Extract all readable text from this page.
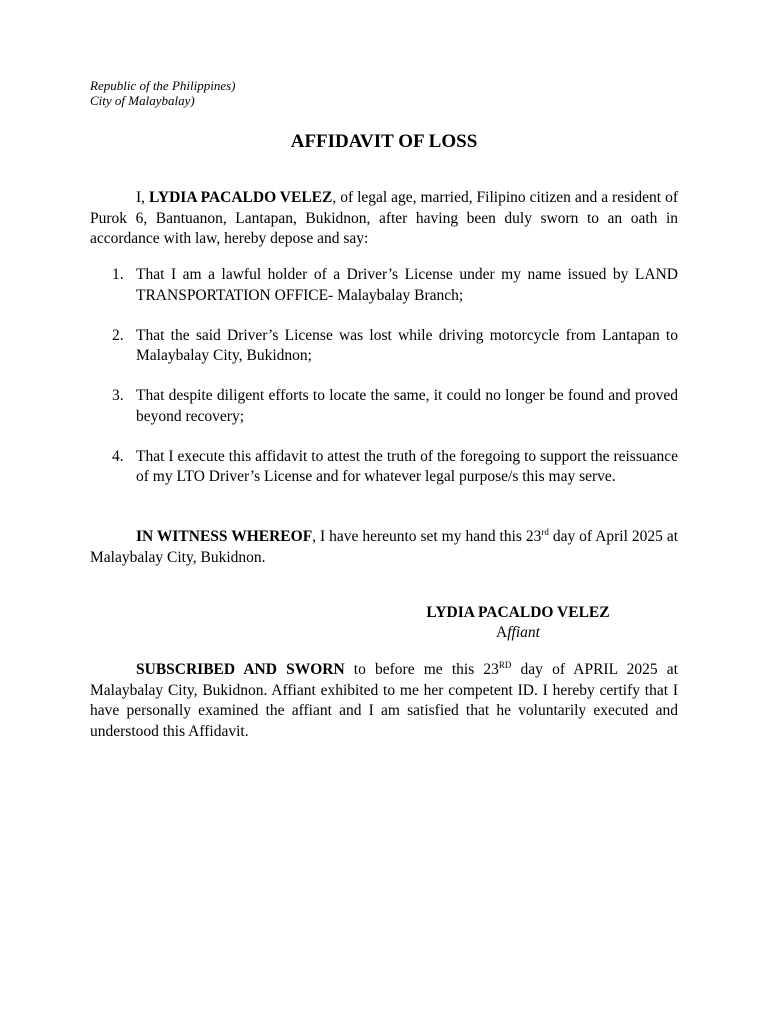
Republic of the Philippines)
City of Malaybalay)
AFFIDAVIT OF LOSS
I, LYDIA PACALDO VELEZ, of legal age, married, Filipino citizen and a resident of Purok 6, Bantuanon, Lantapan, Bukidnon, after having been duly sworn to an oath in accordance with law, hereby depose and say:
1. That I am a lawful holder of a Driver’s License under my name issued by LAND TRANSPORTATION OFFICE- Malaybalay Branch;
2. That the said Driver’s License was lost while driving motorcycle from Lantapan to Malaybalay City, Bukidnon;
3. That despite diligent efforts to locate the same, it could no longer be found and proved beyond recovery;
4. That I execute this affidavit to attest the truth of the foregoing to support the reissuance of my LTO Driver’s License and for whatever legal purpose/s this may serve.
IN WITNESS WHEREOF, I have hereunto set my hand this 23rd day of April 2025 at Malaybalay City, Bukidnon.
LYDIA PACALDO VELEZ
Affiant
SUBSCRIBED AND SWORN to before me this 23RD day of APRIL 2025 at Malaybalay City, Bukidnon. Affiant exhibited to me her competent ID. I hereby certify that I have personally examined the affiant and I am satisfied that he voluntarily executed and understood this Affidavit.
